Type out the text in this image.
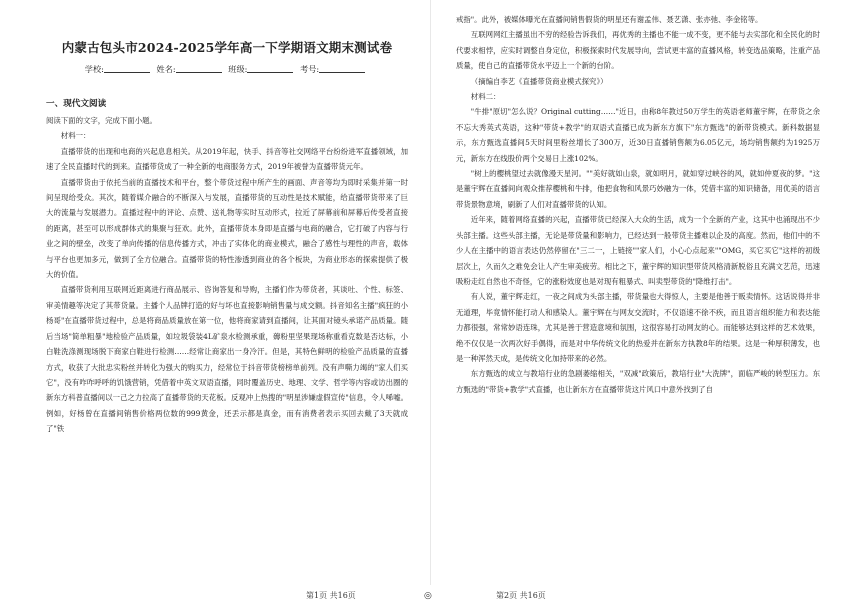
内蒙古包头市2024-2025学年高一下学期语文期末测试卷
学校:	姓名:	班级:	考号:
一、现代文阅读

阅读下面的文字，完成下面小题。

材料一：

直播带货的出现和电商的兴起息息相关。从2019年起，快手、抖音等社交网络平台纷纷进军直播领域，加速了全民直播时代的到来。直播带货成了一种全新的电商服务方式，2019年被誉为直播带货元年。

直播带货由于依托当前的直播技术和平台，整个带货过程中所产生的画面、声音等均为即时采集并第一时间呈现给受众。其次，随着媒介融合的不断深入与发展，直播带货的互动性是技术赋能，给直播带货带来了巨大的流量与发展潜力。直播过程中的评论、点赞、送礼物等实时互动形式，拉近了屏幕前和屏幕后传受者直接的距离，甚至可以形成群体式的集聚与狂欢。此外，直播带货本身即是直播与电商的融合，它打破了内容与行业之间的壁垒，改变了单向传播的信息传播方式，冲击了实体化的商业模式，融合了感性与理性的声音，载体与平台也更加多元，做到了全方位融合。直播带货的特性渗透到商业的各个板块，为商业形态的探索提供了极大的价值。

直播带货利用互联网近距离进行商品展示、咨询答复和导购，主播们作为带货者，其谈吐、个性、标签、审美情趣等决定了其带货量。主播个人品牌打造的好与坏也直接影响销售量与成交额。抖音知名主播"疯狂的小杨哥"在直播带货过程中，总是将商品质量放在第一位，他将商家请到直播间，让其面对镜头承诺产品质量。随后当场"简单粗暴"地检验产品质量，如垃圾袋装4L矿泉水检测承重，薅粉里坚果现场称重看克数是否达标，小白鞋洗涤测现场脱下商家白鞋进行检测……经常让商家出一身冷汗。但是，其特色鲜明的检验产品质量的直播方式，收获了大批忠实粉丝并转化为强大的购买力，经常位于抖音带货榜榜单前列。没有声嘶力竭的"家人们买它"，没有咋咋呼呼的饥饿营销，凭借着中英文双语直播，同时覆盖历史、地理、文学、哲学等内容或访出圈的新东方科普直播间以一己之力拉高了直播带货的天花板。反观冲上热搜的"明星涉嫌虚假宣传"信息，令人唏嘘。例如，好杨曾在直播间销售价格两位数的999黄金，还丢示都是真金，而有消费者表示买回去戴了3天就成了"铁

戒指"。此外，被媒体曝光在直播间销售假货的明星还有谢孟伟、聂艺潇、张亦弛、李金铭等。

互联网网红主播虽出不穷的经验告诉我们，再优秀的主播也不能一成不变，更不能与去实部化和全民化的时代要求相悖，应实时调整自身定位，积极探索时代发展导向，尝试更丰富的直播风格，转变选品策略，注重产品质量，使自己的直播带货水平迈上一个新的台阶。

（摘编自李艺《直播带货商业模式探究》）

材料二：

"牛排"原切"怎么说？Original cutting……"近日，由称8年教过50万学生的英语老师董宇辉，在带货之余不忘大秀英式英语，这种"带货+教学"的双语式直播已成为新东方旗下"东方甄选"的新带货模式。新科数据显示，东方甄选直播间5天时间里粉丝增长了300万，近30日直播销售额为6.05亿元，场均销售额约为1925万元，新东方在线股价两个交易日上涨102%。

"树上的樱桃望过去就像漫天星河。""美好就如山泉，就如明月，就如穿过峡谷的风，就如仲夏夜的梦。"这是董宇辉在直播间向观众推荐樱桃和牛排，他把食物和风景巧妙融为一体，凭借丰富的知识储备，用优美的语言带货景物意境，刷新了人们对直播带货的认知。

近年来，随着网络直播的兴起，直播带货已经深入大众的生活，成为一个全新的产业，这其中也涌现出不少头部主播。这些头部主播，无论是带货量和影响力，已经达到一般带货主播难以企及的高度。然而，他们中的不少人在主播中的语言表达仍然停留在"三二一，上链接""家人们，小心心点起来""OMG，买它买它"这样的初级层次上，久而久之难免会让人产生审美疲劳。相比之下，董宇辉的知识型带货风格清新脱俗且充满文艺范，迅速吸粉走红自然也不奇怪，它的涨粉效度也是对现有粗暴式、叫卖型带货的"降维打击"。

有人说，董宇辉走红，一夜之间成为头部主播，带货量也大得惊人，主要是他善于贩卖情怀。这话说得并非无道理，毕竟情怀能打动人和感染人。董宇辉在与网友交流时，不仅语速不徐不疾，而且语言组织能力和表达能力都很强，常常妙语连珠，尤其是善于营造意境和氛围，这很容易打动网友的心。而能够达到这样的艺术效果，绝不仅仅是一次两次好手偶得，而是对中华传统文化的热爱并在新东方执教8年的结果。这是一种厚积薄发，也是一种浑然天成，是传统文化加持带来的必然。

东方甄选的成立与教培行业的急剧萎缩相关，"双减"政策后，教培行业"大洗牌"，面临严峻的转型压力。东方甄选的"带货+教学"式直播，也让新东方在直播带货这片风口中意外找到了自

第1页 共16页	◎	第2页 共16页
